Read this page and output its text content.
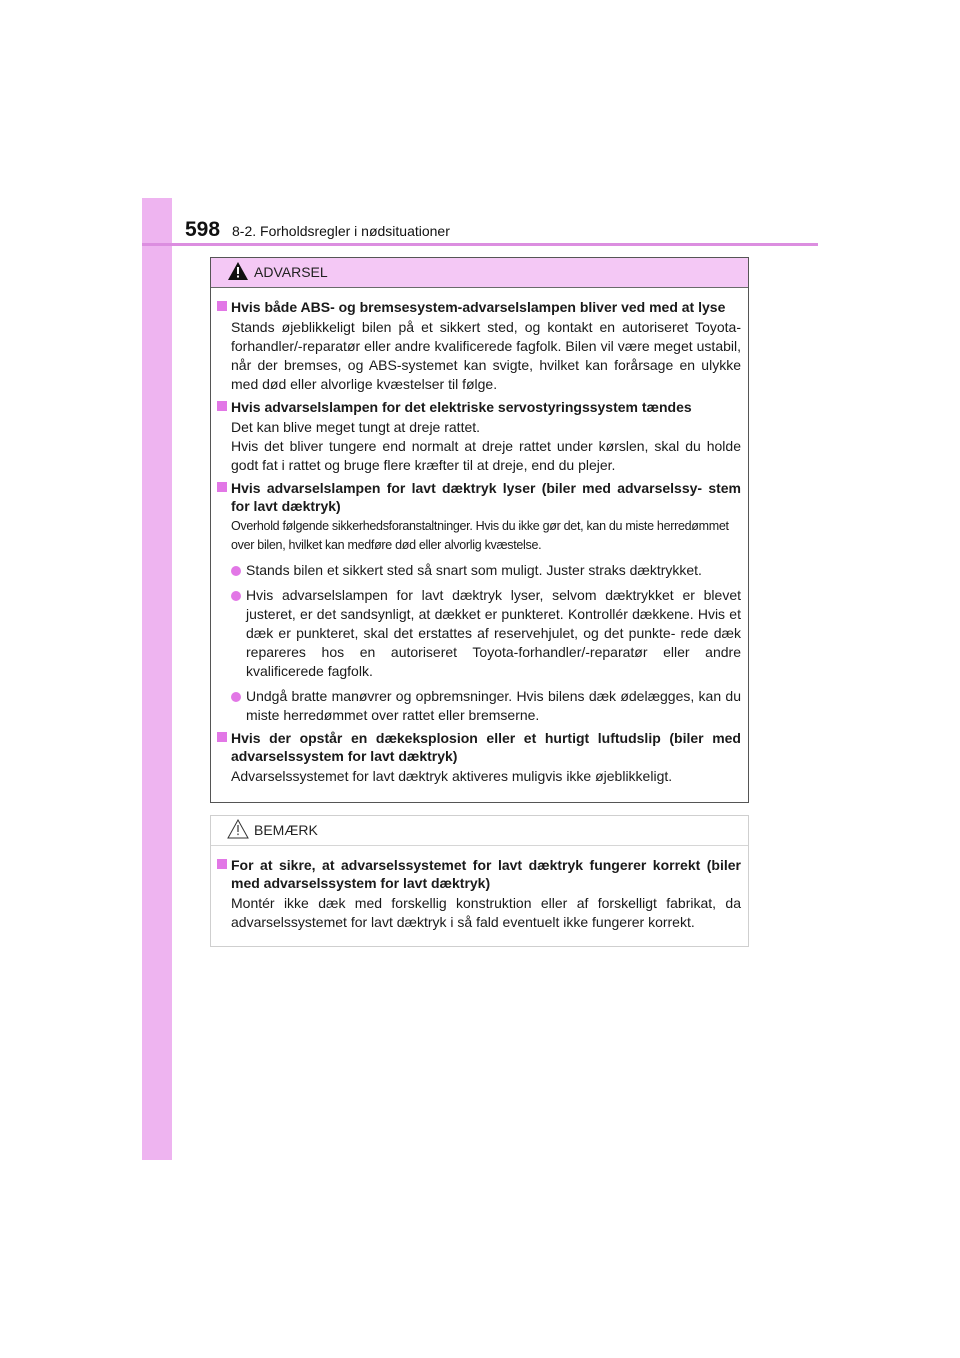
598 8-2. Forholdsregler i nødsituationer
ADVARSEL
Hvis både ABS- og bremsesystem-advarselslampen bliver ved med at lyse
Stands øjeblikkeligt bilen på et sikkert sted, og kontakt en autoriseret Toyota-forhandler/-reparatør eller andre kvalificerede fagfolk. Bilen vil være meget ustabil, når der bremses, og ABS-systemet kan svigte, hvilket kan forårsage en ulykke med død eller alvorlige kvæstelser til følge.
Hvis advarselslampen for det elektriske servostyringssystem tændes
Det kan blive meget tungt at dreje rattet.
Hvis det bliver tungere end normalt at dreje rattet under kørslen, skal du holde godt fat i rattet og bruge flere kræfter til at dreje, end du plejer.
Hvis advarselslampen for lavt dæktryk lyser (biler med advarselssy- stem for lavt dæktryk)
Overhold følgende sikkerhedsforanstaltninger. Hvis du ikke gør det, kan du miste herredømmet over bilen, hvilket kan medføre død eller alvorlig kvæstelse.
Stands bilen et sikkert sted så snart som muligt. Juster straks dæktrykket.
Hvis advarselslampen for lavt dæktryk lyser, selvom dæktrykket er blevet justeret, er det sandsynligt, at dækket er punkteret. Kontrollér dækkene. Hvis et dæk er punkteret, skal det erstattes af reservehjulet, og det punkte- rede dæk repareres hos en autoriseret Toyota-forhandler/-reparatør eller andre kvalificerede fagfolk.
Undgå bratte manøvrer og opbremsninger. Hvis bilens dæk ødelægges, kan du miste herredømmet over rattet eller bremserne.
Hvis der opstår en dækeksplosion eller et hurtigt luftudslip (biler med advarselssystem for lavt dæktryk)
Advarselssystemet for lavt dæktryk aktiveres muligvis ikke øjeblikkeligt.
BEMÆRK
For at sikre, at advarselssystemet for lavt dæktryk fungerer korrekt (biler med advarselssystem for lavt dæktryk)
Montér ikke dæk med forskellig konstruktion eller af forskelligt fabrikat, da advarselssystemet for lavt dæktryk i så fald eventuelt ikke fungerer korrekt.
